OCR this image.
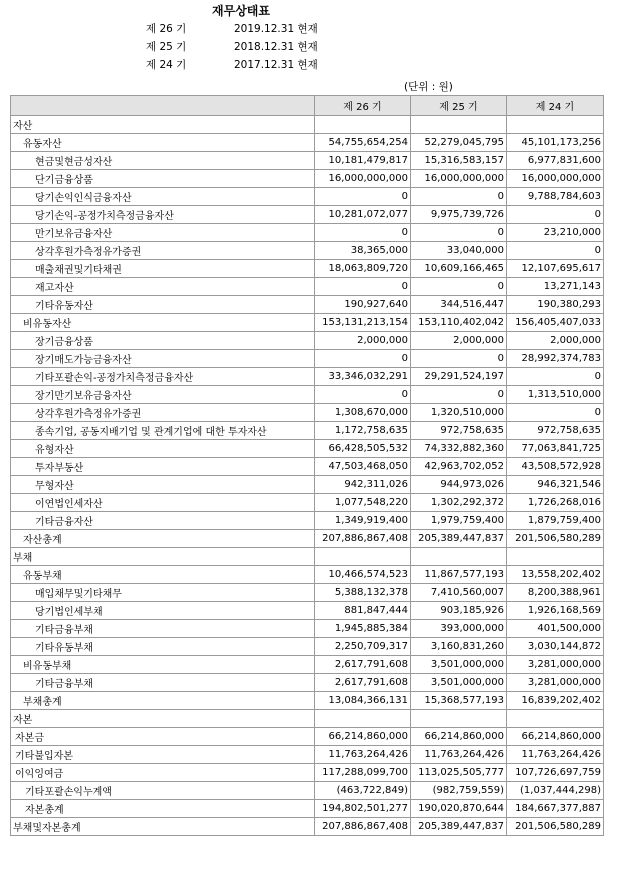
재무상태표
제 26 기	2019.12.31 현재
제 25 기	2018.12.31 현재
제 24 기	2017.12.31 현재
(단위 : 원)
	제 26 기	제 25 기	제 24 기
자산			
유동자산	54,755,654,254	52,279,045,795	45,101,173,256
현금및현금성자산	10,181,479,817	15,316,583,157	6,977,831,600
단기금융상품	16,000,000,000	16,000,000,000	16,000,000,000
당기손익인식금융자산	0	0	9,788,784,603
당기손익-공정가치측정금융자산	10,281,072,077	9,975,739,726	0
만기보유금융자산	0	0	23,210,000
상각후원가측정유가증권	38,365,000	33,040,000	0
매출채권및기타채권	18,063,809,720	10,609,166,465	12,107,695,617
재고자산	0	0	13,271,143
기타유동자산	190,927,640	344,516,447	190,380,293
비유동자산	153,131,213,154	153,110,402,042	156,405,407,033
장기금융상품	2,000,000	2,000,000	2,000,000
장기매도가능금융자산	0	0	28,992,374,783
기타포괄손익-공정가치측정금융자산	33,346,032,291	29,291,524,197	0
장기만기보유금융자산	0	0	1,313,510,000
상각후원가측정유가증권	1,308,670,000	1,320,510,000	0
종속기업, 공동지배기업 및 관계기업에 대한 투자자산	1,172,758,635	972,758,635	972,758,635
유형자산	66,428,505,532	74,332,882,360	77,063,841,725
투자부동산	47,503,468,050	42,963,702,052	43,508,572,928
무형자산	942,311,026	944,973,026	946,321,546
이연법인세자산	1,077,548,220	1,302,292,372	1,726,268,016
기타금융자산	1,349,919,400	1,979,759,400	1,879,759,400
자산총계	207,886,867,408	205,389,447,837	201,506,580,289
부채			
유동부채	10,466,574,523	11,867,577,193	13,558,202,402
매입채무및기타채무	5,388,132,378	7,410,560,007	8,200,388,961
당기법인세부채	881,847,444	903,185,926	1,926,168,569
기타금융부채	1,945,885,384	393,000,000	401,500,000
기타유동부채	2,250,709,317	3,160,831,260	3,030,144,872
비유동부채	2,617,791,608	3,501,000,000	3,281,000,000
기타금융부채	2,617,791,608	3,501,000,000	3,281,000,000
부채총계	13,084,366,131	15,368,577,193	16,839,202,402
자본			
자본금	66,214,860,000	66,214,860,000	66,214,860,000
기타불입자본	11,763,264,426	11,763,264,426	11,763,264,426
이익잉여금	117,288,099,700	113,025,505,777	107,726,697,759
기타포괄손익누계액	(463,722,849)	(982,759,559)	(1,037,444,298)
자본총계	194,802,501,277	190,020,870,644	184,667,377,887
부채및자본총계	207,886,867,408	205,389,447,837	201,506,580,289
